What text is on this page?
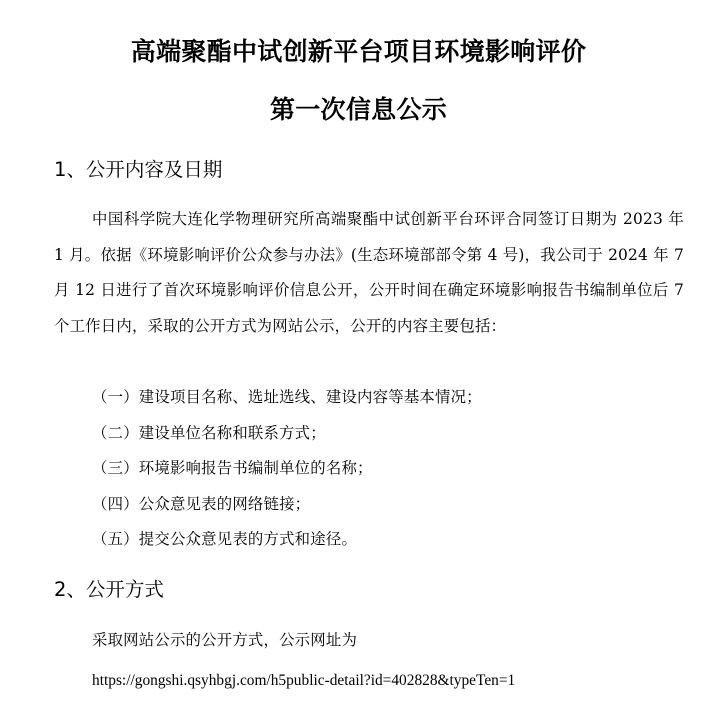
高端聚酯中试创新平台项目环境影响评价
第一次信息公示
1、公开内容及日期

中国科学院大连化学物理研究所高端聚酯中试创新平台环评合同签订日期为 2023 年 1 月。依据《环境影响评价公众参与办法》(生态环境部部令第 4 号)，我公司于 2024 年 7 月 12 日进行了首次环境影响评价信息公开，公开时间在确定环境影响报告书编制单位后 7 个工作日内，采取的公开方式为网站公示，公开的内容主要包括：

（一）建设项目名称、选址选线、建设内容等基本情况；
（二）建设单位名称和联系方式；
（三）环境影响报告书编制单位的名称；
（四）公众意见表的网络链接；
（五）提交公众意见表的方式和途径。
2、公开方式

采取网站公示的公开方式，公示网址为

https://gongshi.qsyhbgj.com/h5public-detail?id=402828&typeTen=1
